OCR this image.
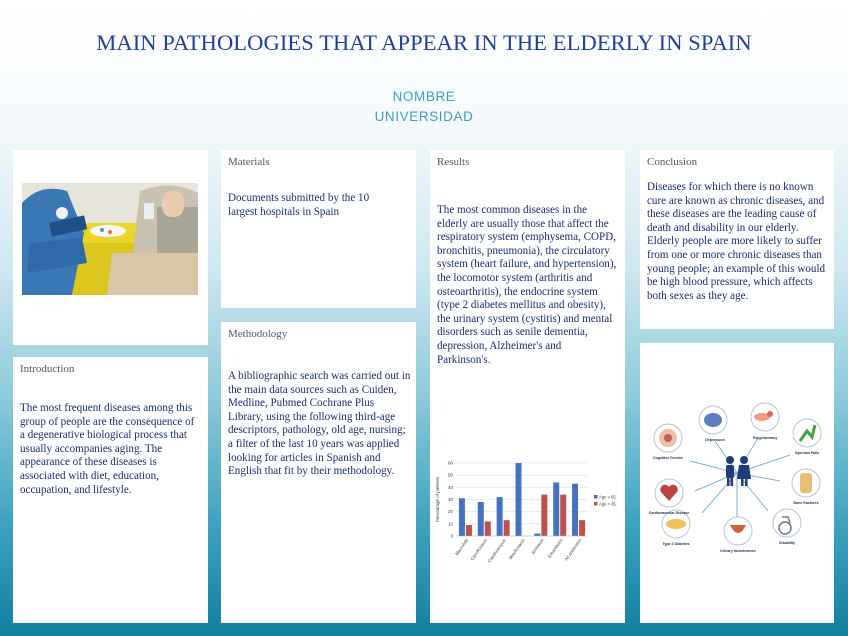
MAIN PATHOLOGIES THAT APPEAR IN THE ELDERLY IN SPAIN
NOMBRE
UNIVERSIDAD
Introduction
The most frequent diseases among this group of people are the consequence of a degenerative biological process that usually accompanies aging. The appearance of these diseases is associated with diet, education, occupation, and lifestyle.
Materials
Documents submitted by the 10 largest hospitals in Spain
Methodology
A bibliographic search was carried out in the main data sources such as Cuiden, Medline, Pubmed Cochrane Plus Library, using the following third-age descriptors, pathology, old age, nursing; a filter of the last 10 years was applied looking for articles in Spanish and English that fit by their methodology.
Results
The most common diseases in the elderly are usually those that affect the respiratory system (emphysema, COPD, bronchitis, pneumonia), the circulatory system (heart failure, and hypertension), the locomotor system (arthritis and osteoarthritis), the endocrine system (type 2 diabetes mellitus and obesity), the urinary system (cystitis) and mental disorders such as senile dementia, depression, Alzheimer's and Parkinson's.
0
10
20
30
40
50
60
Percentage of patients
Macrolide Ciprofloxacin
Clarithromycin Moxifloxacin Amikacin Ethambutol All antibiotics
Age ≥ 65
Age < 65
Conclusion
Diseases for which there is no known cure are known as chronic diseases, and these diseases are the leading cause of death and disability in our elderly. Elderly people are more likely to suffer from one or more chronic diseases than young people; an example of this would be high blood pressure, which affects both sexes as they age.
Depression	Polypharmacy
Cognitive Decline
Injurious Falls
Bone fractures
Cardiovascular Disease
Type 2 Diabetes
Urinary Incontinence
Disability
